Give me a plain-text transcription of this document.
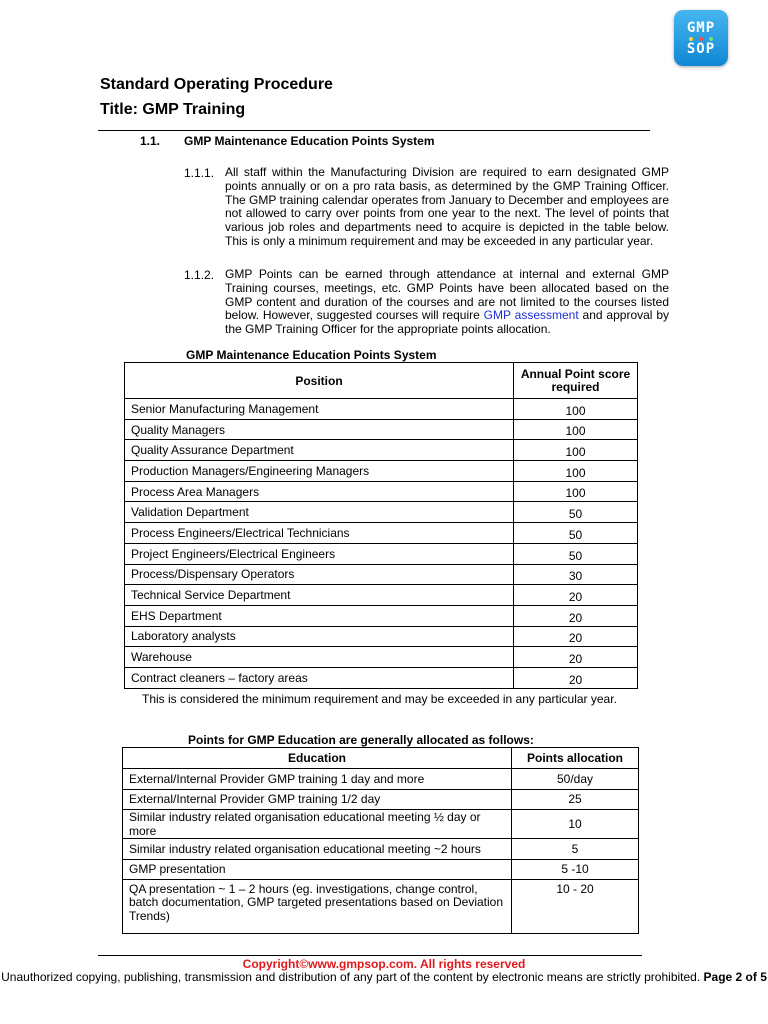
GMP
SOP
Standard Operating Procedure
Title: GMP Training
1.1. GMP Maintenance Education Points System
1.1.1. All staff within the Manufacturing Division are required to earn designated GMP points annually or on a pro rata basis, as determined by the GMP Training Officer. The GMP training calendar operates from January to December and employees are not allowed to carry over points from one year to the next. The level of points that various job roles and departments need to acquire is depicted in the table below. This is only a minimum requirement and may be exceeded in any particular year.
1.1.2. GMP Points can be earned through attendance at internal and external GMP Training courses, meetings, etc. GMP Points have been allocated based on the GMP content and duration of the courses and are not limited to the courses listed below. However, suggested courses will require GMP assessment and approval by the GMP Training Officer for the appropriate points allocation.
GMP Maintenance Education Points System
Position	Annual Point score required
Senior Manufacturing Management	100
Quality Managers	100
Quality Assurance Department	100
Production Managers/Engineering Managers	100
Process Area Managers	100
Validation Department	50
Process Engineers/Electrical Technicians	50
Project Engineers/Electrical Engineers	50
Process/Dispensary Operators	30
Technical Service Department	20
EHS Department	20
Laboratory analysts	20
Warehouse	20
Contract cleaners – factory areas	20
This is considered the minimum requirement and may be exceeded in any particular year.
Points for GMP Education are generally allocated as follows:
Education	Points allocation
External/Internal Provider GMP training 1 day and more	50/day
External/Internal Provider GMP training 1/2 day	25
Similar industry related organisation educational meeting ½ day or more	10
Similar industry related organisation educational meeting ~2 hours	5
GMP presentation	5 -10
QA presentation ~ 1 – 2 hours (eg. investigations, change control, batch documentation, GMP targeted presentations based on Deviation Trends)	10 - 20
Copyright©www.gmpsop.com. All rights reserved
Unauthorized copying, publishing, transmission and distribution of any part of the content by electronic means are strictly prohibited. Page 2 of 5
